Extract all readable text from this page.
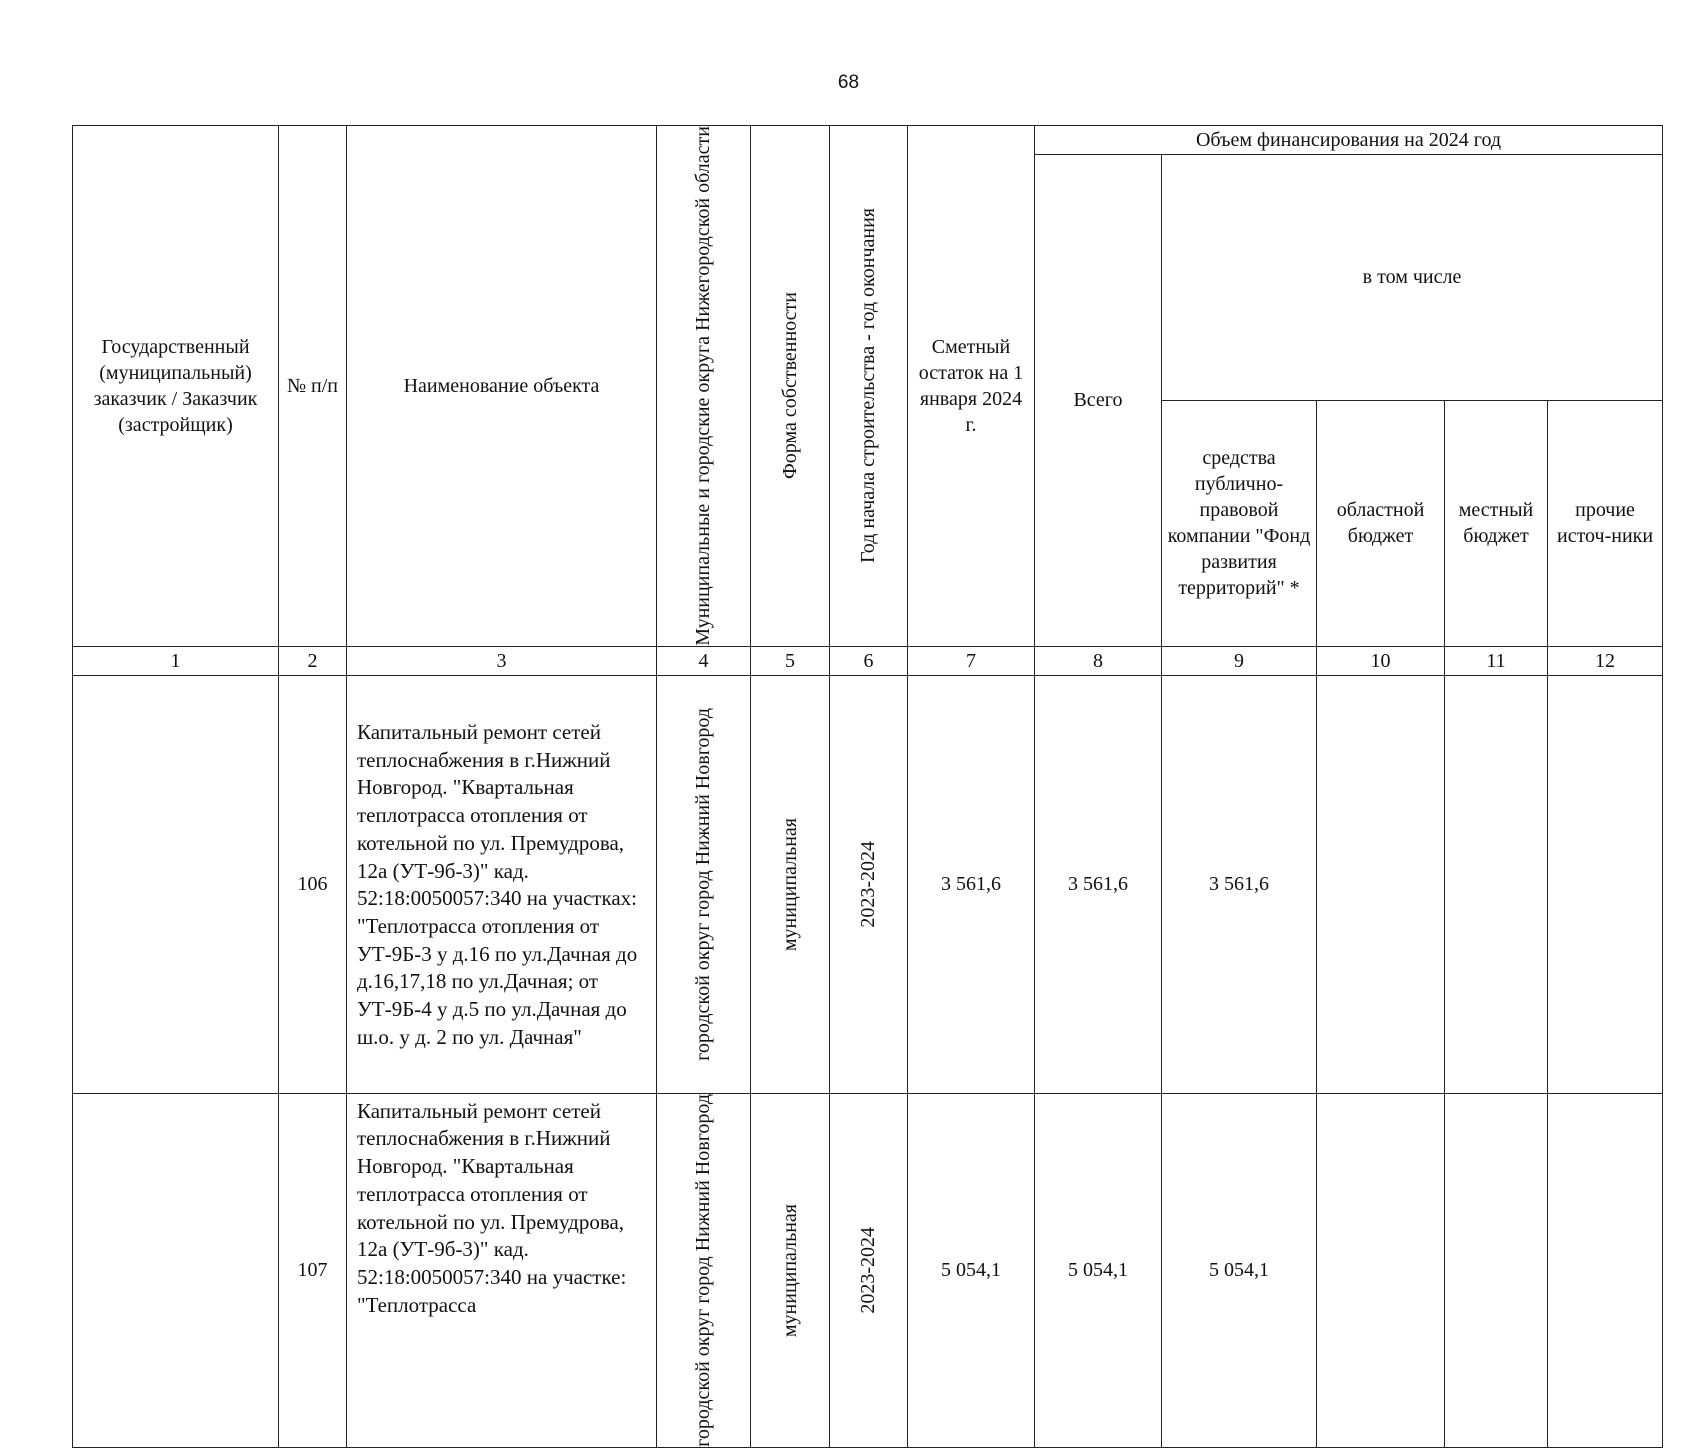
68
Государственный (муниципальный) заказчик / Заказчик (застройщик)	№ п/п	Наименование объекта	Муниципальные и городские округа Нижегородской области	Форма собственности	Год начала строительства - год окончания	Сметный остаток на 1 января 2024 г.	Объем финансирования на 2024 год				
							Всего	в том числе			
								средства публично-правовой компании "Фонд развития территорий" *	областной бюджет	местный бюджет	прочие источ-ники
1	2	3	4	5	6	7	8	9	10	11	12
	106	Капитальный ремонт сетей теплоснабжения в г.Нижний Новгород. "Квартальная теплотрасса отопления от котельной по ул. Премудрова, 12а (УТ-9б-3)" кад. 52:18:0050057:340 на участках: "Теплотрасса отопления от УТ-9Б-3 у д.16 по ул.Дачная до д.16,17,18 по ул.Дачная; от УТ-9Б-4 у д.5 по ул.Дачная до ш.о. у д. 2 по ул. Дачная"	городской округ город Нижний Новгород	муниципальная	2023-2024	3 561,6	3 561,6	3 561,6			
	107	Капитальный ремонт сетей теплоснабжения в г.Нижний Новгород. "Квартальная теплотрасса отопления от котельной по ул. Премудрова, 12а (УТ-9б-3)" кад. 52:18:0050057:340 на участке: "Теплотрасса	городской округ город Нижний Новгород	муниципальная	2023-2024	5 054,1	5 054,1	5 054,1			
